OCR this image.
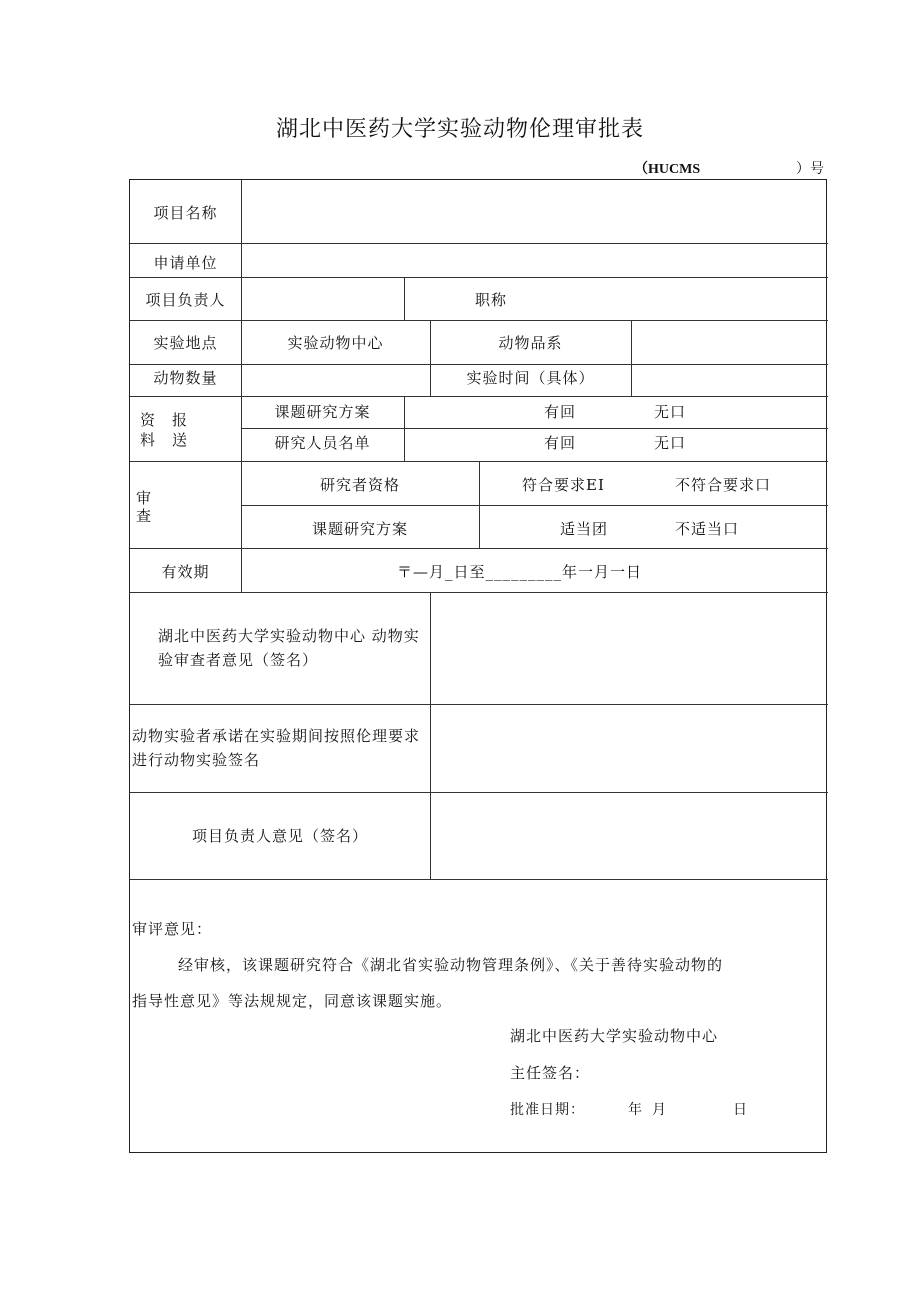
湖北中医药大学实验动物伦理审批表
（HUCMS	）号
项目名称
申请单位
项目负责人	职称
实验地点	实验动物中心	动物品系
动物数量	实验时间（具体）
资　报
料　送
课题研究方案	有回	无口
研究人员名单	有回	无口
审
查
研究者资格	符合要求EI	不符合要求口
课题研究方案	适当团	不适当口
有效期	〒—月_日至_________年一月一日
湖北中医药大学实验动物中心 动物实验审查者意见（签名）
动物实验者承诺在实验期间按照伦理要求进行动物实验签名
项目负责人意见（签名）
审评意见：
经审核，该课题研究符合《湖北省实验动物管理条例》、《关于善待实验动物的
指导性意见》等法规规定，同意该课题实施。
湖北中医药大学实验动物中心
主任签名：
批准日期：	年 月	日
